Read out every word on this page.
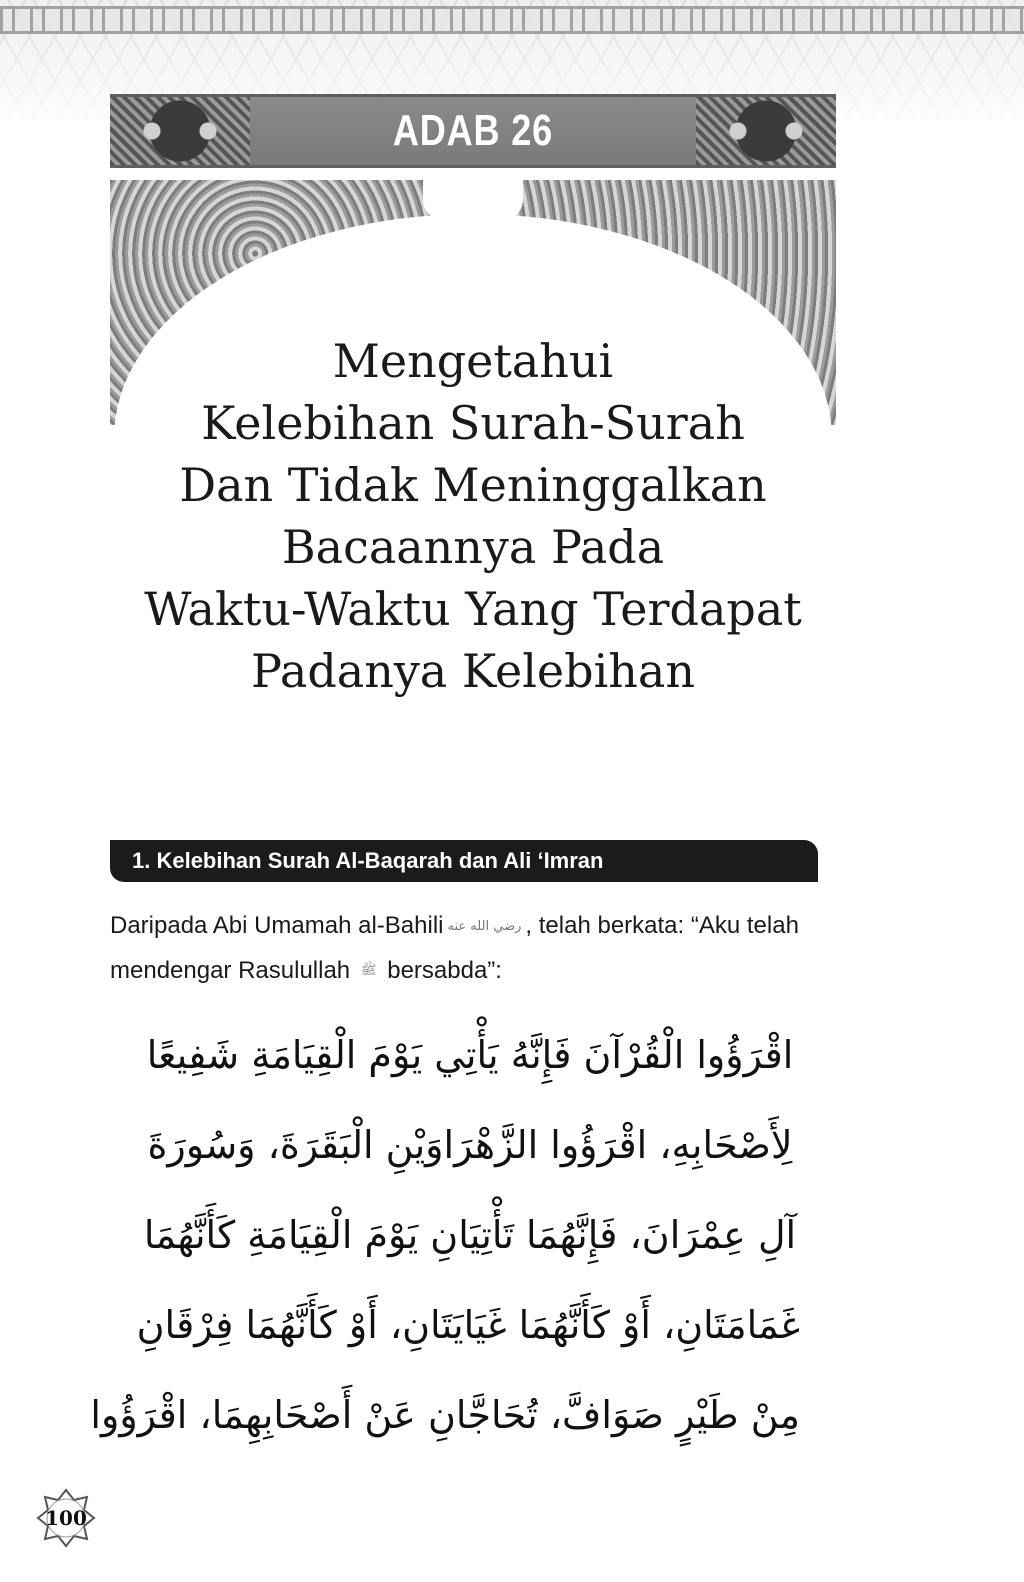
ADAB 26
Mengetahui
Kelebihan Surah-Surah
Dan Tidak Meninggalkan
Bacaannya Pada
Waktu-Waktu Yang Terdapat
Padanya Kelebihan
1. Kelebihan Surah Al-Baqarah dan Ali ‘Imran

Daripada Abi Umamah al-Bahili رضي الله عنه , telah berkata: “Aku telah mendengar Rasulullah ﷺ bersabda”:

اقْرَؤُوا الْقُرْآنَ فَإِنَّهُ يَأْتِي يَوْمَ الْقِيَامَةِ شَفِيعًا
لِأَصْحَابِهِ، اقْرَؤُوا الزَّهْرَاوَيْنِ الْبَقَرَةَ، وَسُورَةَ
آلِ عِمْرَانَ، فَإِنَّهُمَا تَأْتِيَانِ يَوْمَ الْقِيَامَةِ كَأَنَّهُمَا
غَمَامَتَانِ، أَوْ كَأَنَّهُمَا غَيَايَتَانِ، أَوْ كَأَنَّهُمَا فِرْقَانِ
مِنْ طَيْرٍ صَوَافَّ، تُحَاجَّانِ عَنْ أَصْحَابِهِمَا، اقْرَؤُوا
100
